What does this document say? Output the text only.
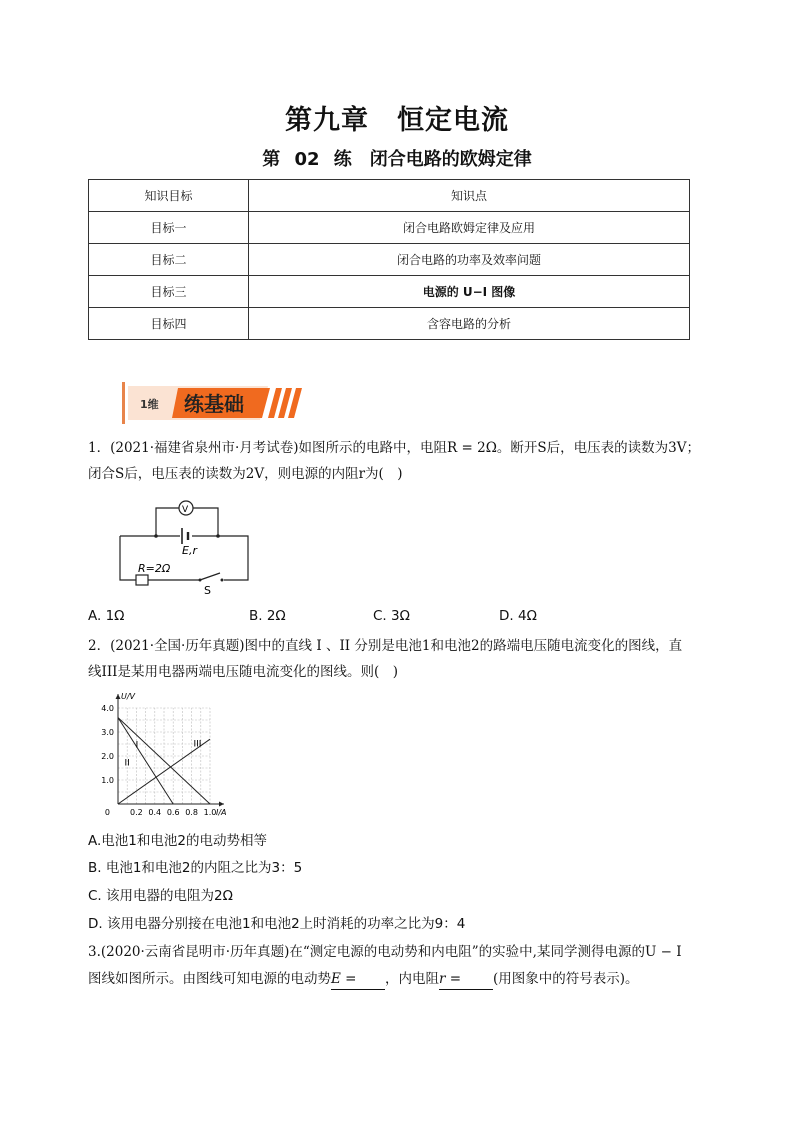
第九章　恒定电流
第 02 练　闭合电路的欧姆定律
知识目标	知识点
目标一	闭合电路欧姆定律及应用
目标二	闭合电路的功率及效率问题
目标三	电源的 U−I 图像
目标四	含容电路的分析
1维 练基础
1．(2021·福建省泉州市·月考试卷)如图所示的电路中，电阻R = 2Ω。断开S后，电压表的读数为3V；
闭合S后，电压表的读数为2V，则电源的内阻r为(　)
V
E,r
R=2Ω
S
A. 1Ω	B. 2Ω	C. 3Ω	D. 4Ω
2．(2021·全国·历年真题)图中的直线 I 、II 分别是电池1和电池2的路端电压随电流变化的图线，直
线III是某用电器两端电压随电流变化的图线。则(　)
0.2 0.4 0.6 0.8 1.0
1.0
2.0
3.0
4.0
0	I/A
U/V
I
II
III
A.电池1和电池2的电动势相等
B. 电池1和电池2的内阻之比为3：5
C. 该用电器的电阻为2Ω
D. 该用电器分别接在电池1和电池2上时消耗的功率之比为9：4
3.(2020·云南省昆明市·历年真题)在“测定电源的电动势和内电阻”的实验中,某同学测得电源的U − I
图线如图所示。由图线可知电源的电动势E = ，内电阻r = (用图象中的符号表示)。
